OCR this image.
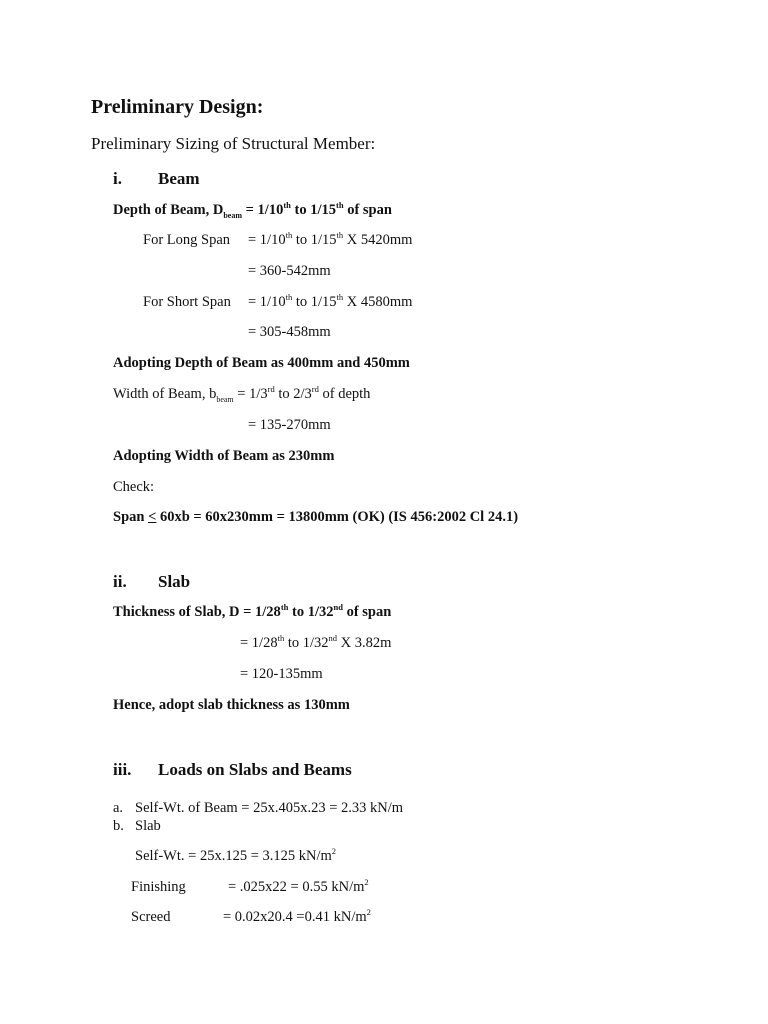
Preliminary Design:
Preliminary Sizing of Structural Member:
i. Beam
Depth of Beam, $D_{beam} = 1/10th$ to 1/15th of span
For Long Span = 1/10th to 1/15th X 5420mm
= 360-542mm
For Short Span = 1/10th to 1/15th X 4580mm
= 305-458mm
Adopting Depth of Beam as 400mm and 450mm
Width of Beam, $b_{beam} = 1/3rd$ to 2/3rd of depth
= 135-270mm
Adopting Width of Beam as 230mm
Check:
Span < 60xb = 60x230mm = 13800mm (OK) (IS 456:2002 Cl 24.1)
ii. Slab
Thickness of Slab, D = 1/28th to 1/32nd of span
= 1/28th to 1/32nd X 3.82m
= 120-135mm
Hence, adopt slab thickness as 130mm
iii. Loads on Slabs and Beams
a. Self-Wt. of Beam = 25x.405x.23 = 2.33 kN/m
b. Slab
Self-Wt. = 25x.125 = 3.125 $kN/m^2$
Finishing	= .025x22 = 0.55 $kN/m^2$
Screed	= 0.02x20.4 =0.41 $kN/m^2$
